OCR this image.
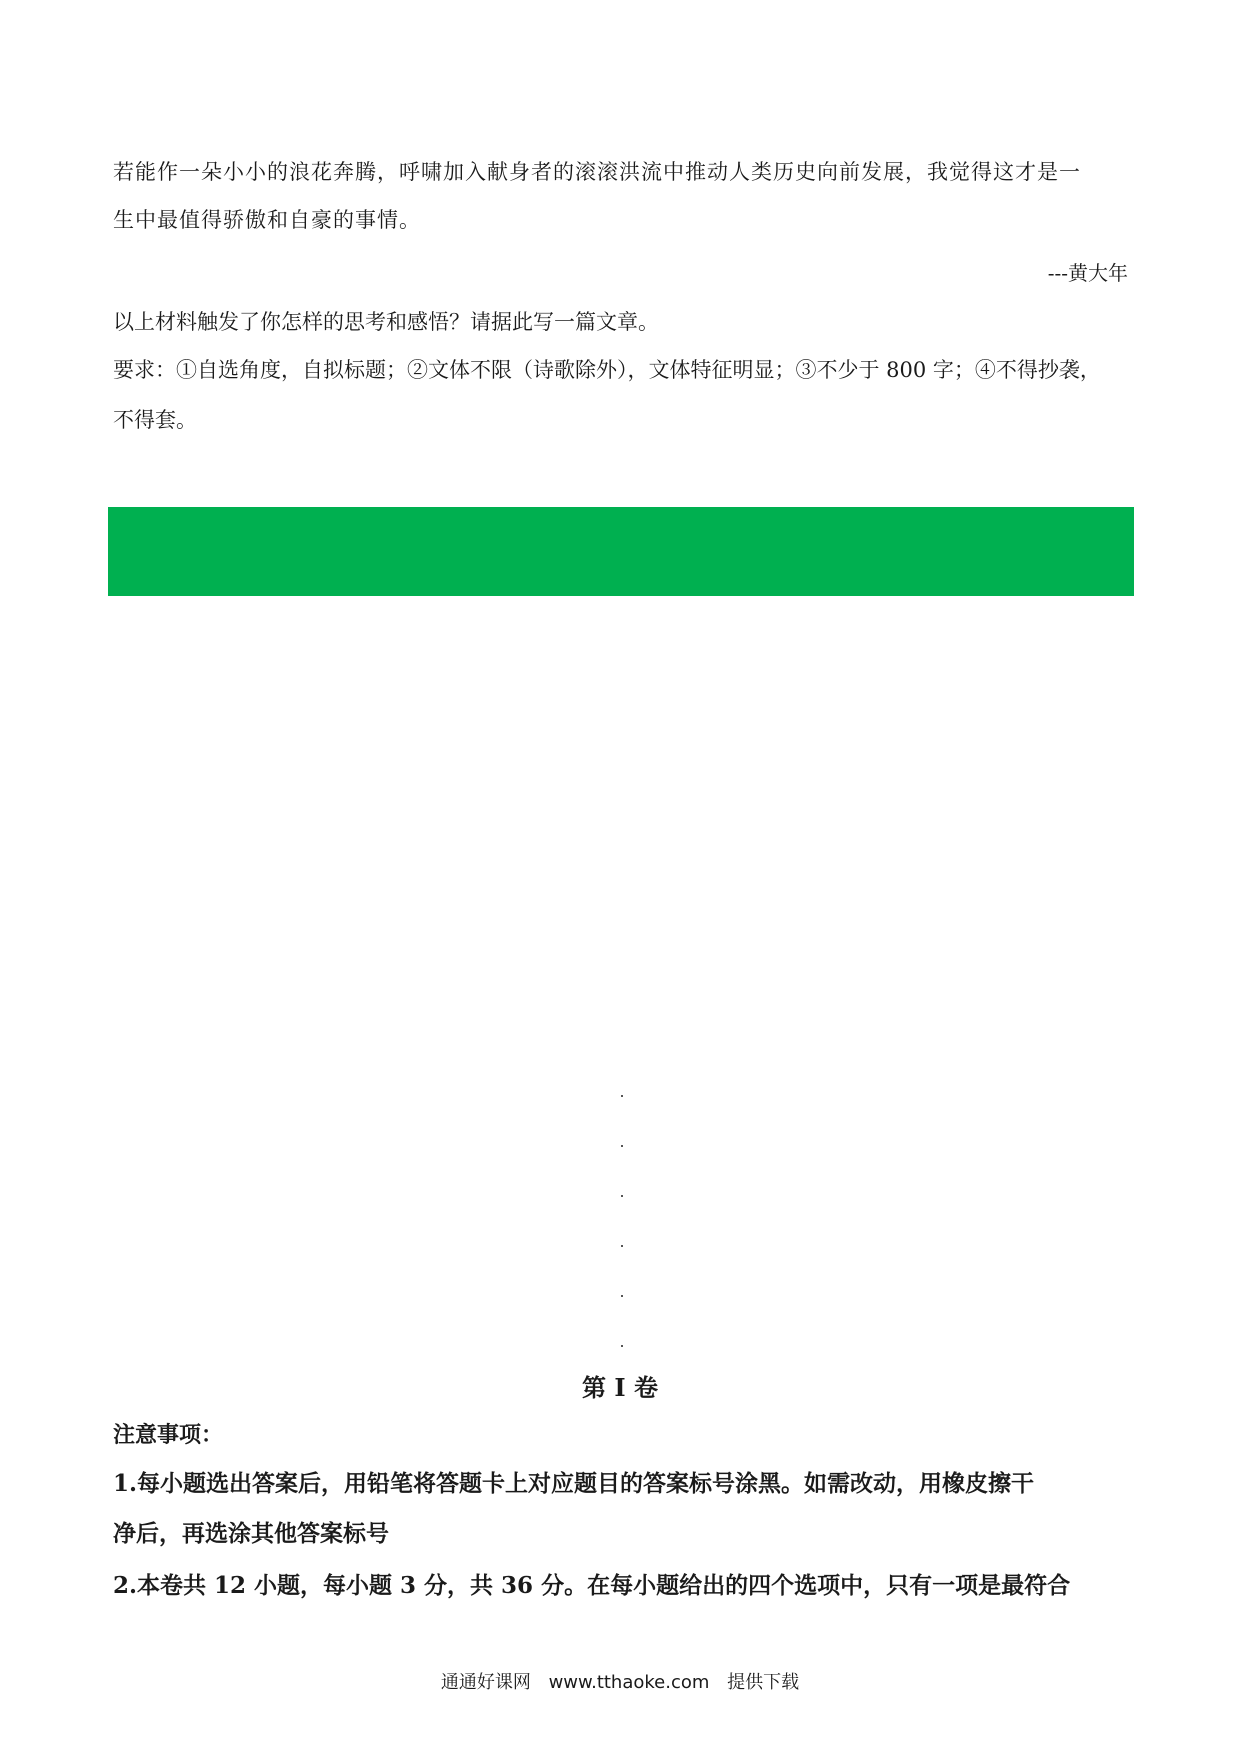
若能作一朵小小的浪花奔腾，呼啸加入献身者的滚滚洪流中推动人类历史向前发展，我觉得这才是一
生中最值得骄傲和自豪的事情。
---黄大年
以上材料触发了你怎样的思考和感悟？请据此写一篇文章。
要求：①自选角度，自拟标题；②文体不限（诗歌除外），文体特征明显；③不少于 800 字；④不得抄袭，
不得套。
第 I 卷
注意事项：
1.每小题选出答案后，用铅笔将答题卡上对应题目的答案标号涂黑。如需改动，用橡皮擦干
净后，再选涂其他答案标号
2.本卷共 12 小题，每小题 3 分，共 36 分。在每小题给出的四个选项中，只有一项是最符合
通通好课网 www.tthaoke.com 提供下载
